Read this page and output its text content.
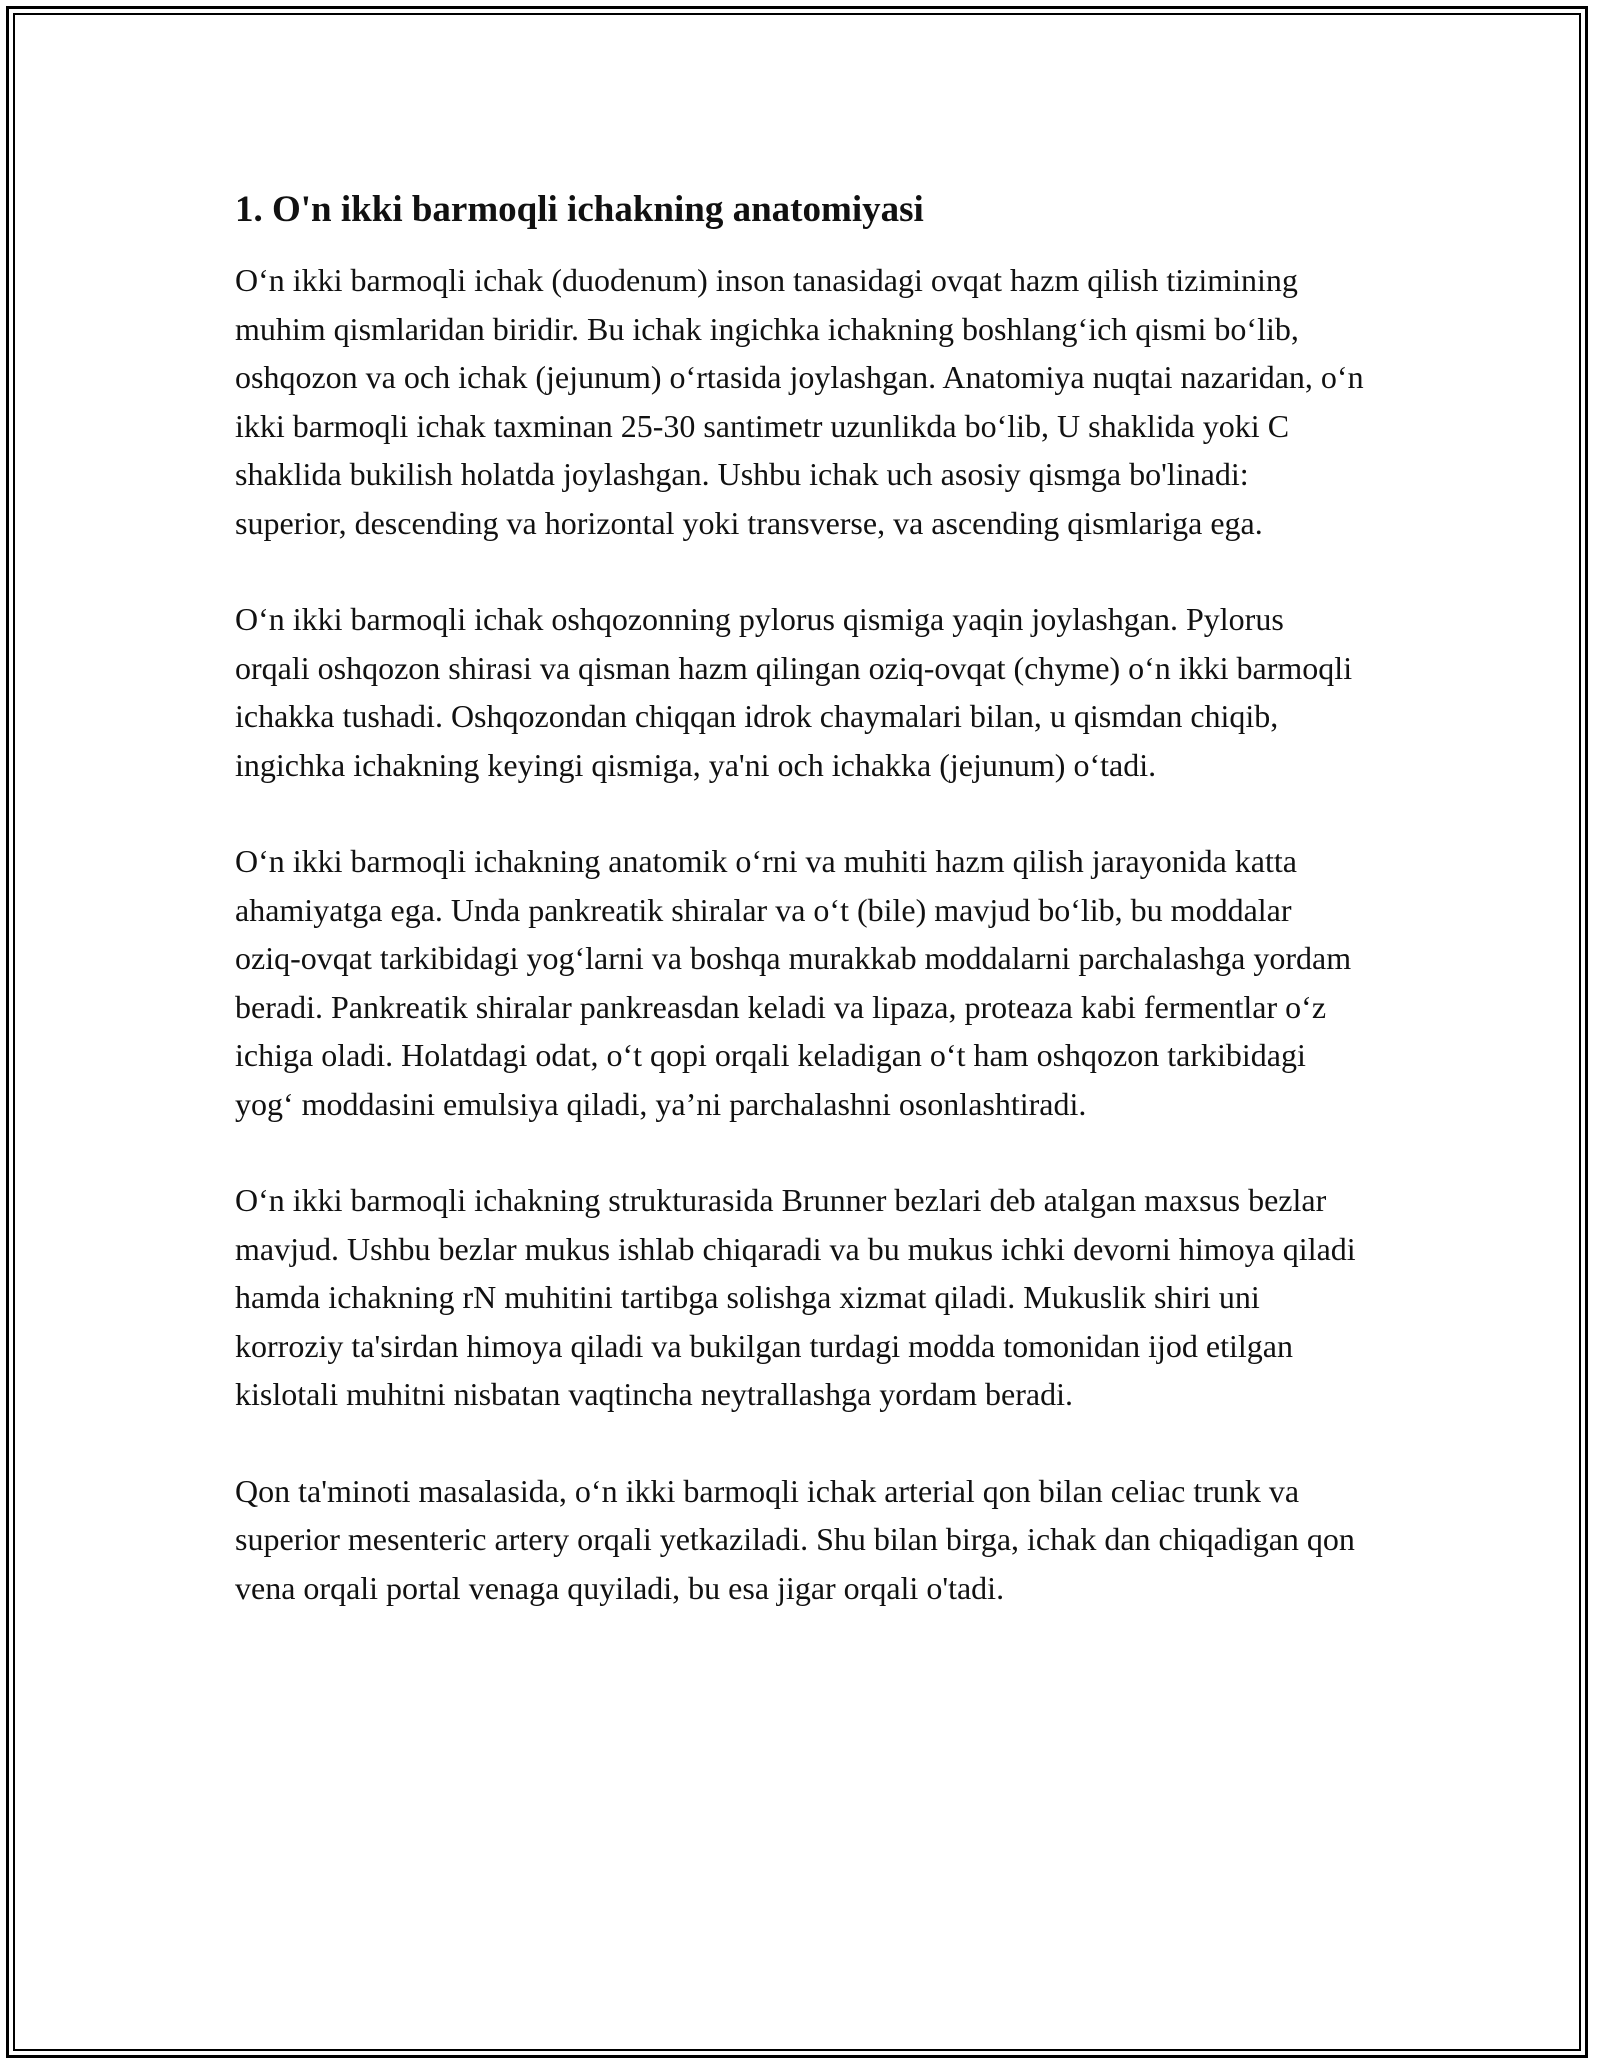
1. O'n ikki barmoqli ichakning anatomiyasi

O‘n ikki barmoqli ichak (duodenum) inson tanasidagi ovqat hazm qilish tizimining muhim qismlaridan biridir. Bu ichak ingichka ichakning boshlang‘ich qismi bo‘lib, oshqozon va och ichak (jejunum) o‘rtasida joylashgan. Anatomiya nuqtai nazaridan, o‘n ikki barmoqli ichak taxminan 25-30 santimetr uzunlikda bo‘lib, U shaklida yoki C shaklida bukilish holatda joylashgan. Ushbu ichak uch asosiy qismga bo'linadi: superior, descending va horizontal yoki transverse, va ascending qismlariga ega.

O‘n ikki barmoqli ichak oshqozonning pylorus qismiga yaqin joylashgan. Pylorus orqali oshqozon shirasi va qisman hazm qilingan oziq-ovqat (chyme) o‘n ikki barmoqli ichakka tushadi. Oshqozondan chiqqan idrok chaymalari bilan, u qismdan chiqib, ingichka ichakning keyingi qismiga, ya'ni och ichakka (jejunum) o‘tadi.

O‘n ikki barmoqli ichakning anatomik o‘rni va muhiti hazm qilish jarayonida katta ahamiyatga ega. Unda pankreatik shiralar va o‘t (bile) mavjud bo‘lib, bu moddalar oziq-ovqat tarkibidagi yog‘larni va boshqa murakkab moddalarni parchalashga yordam beradi. Pankreatik shiralar pankreasdan keladi va lipaza, proteaza kabi fermentlar o‘z ichiga oladi. Holatdagi odat, o‘t qopi orqali keladigan o‘t ham oshqozon tarkibidagi yog‘ moddasini emulsiya qiladi, ya’ni parchalashni osonlashtiradi.

O‘n ikki barmoqli ichakning strukturasida Brunner bezlari deb atalgan maxsus bezlar mavjud. Ushbu bezlar mukus ishlab chiqaradi va bu mukus ichki devorni himoya qiladi hamda ichakning rN muhitini tartibga solishga xizmat qiladi. Mukuslik shiri uni korroziy ta'sirdan himoya qiladi va bukilgan turdagi modda tomonidan ijod etilgan kislotali muhitni nisbatan vaqtincha neytrallashga yordam beradi.

Qon ta'minoti masalasida, o‘n ikki barmoqli ichak arterial qon bilan celiac trunk va superior mesenteric artery orqali yetkaziladi. Shu bilan birga, ichak dan chiqadigan qon vena orqali portal venaga quyiladi, bu esa jigar orqali o'tadi.
